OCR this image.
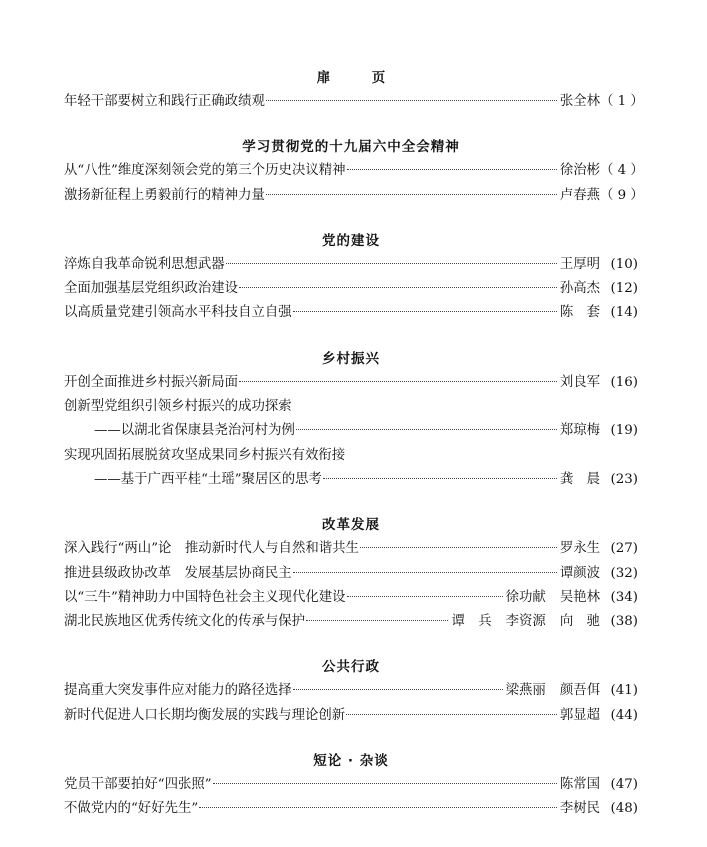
扉　页
年轻干部要树立和践行正确政绩观	张全林 （ 1 ）
学习贯彻党的十九届六中全会精神
从“八性”维度深刻领会党的第三个历史决议精神	徐治彬 （ 4 ）
激扬新征程上勇毅前行的精神力量	卢春燕 （ 9 ）
党的建设
淬炼自我革命锐利思想武器	王厚明 (10)
全面加强基层党组织政治建设	孙高杰 (12)
以高质量党建引领高水平科技自立自强	陈　套 (14)
乡村振兴
开创全面推进乡村振兴新局面	刘良军 (16)
创新型党组织引领乡村振兴的成功探索
——以湖北省保康县尧治河村为例	郑琼梅 (19)
实现巩固拓展脱贫攻坚成果同乡村振兴有效衔接
——基于广西平桂“土瑶”聚居区的思考	龚　晨 (23)
改革发展
深入践行“两山”论　推动新时代人与自然和谐共生	罗永生 (27)
推进县级政协改革　发展基层协商民主	谭颜波 (32)
以“三牛”精神助力中国特色社会主义现代化建设	徐功献 吴艳林 (34)
湖北民族地区优秀传统文化的传承与保护	谭　兵 李资源 向　驰 (38)
公共行政
提高重大突发事件应对能力的路径选择	梁燕丽 颜吾佴 (41)
新时代促进人口长期均衡发展的实践与理论创新	郭显超 (44)
短论 · 杂谈
党员干部要拍好“四张照”	陈常国 (47)
不做党内的“好好先生”	李树民 (48)
